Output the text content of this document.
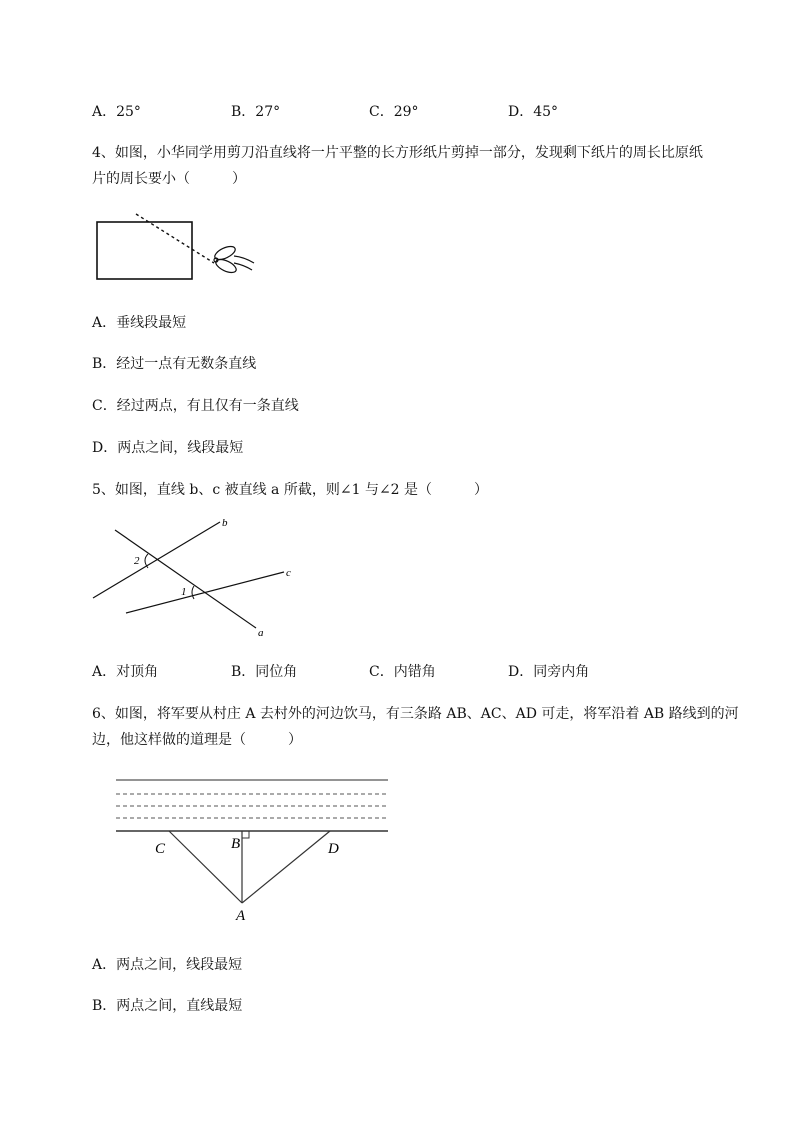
A．25°	B．27°	C．29°	D．45°
4、如图，小华同学用剪刀沿直线将一片平整的长方形纸片剪掉一部分，发现剩下纸片的周长比原纸
片的周长要小（　　　）
A．垂线段最短
B．经过一点有无数条直线
C．经过两点，有且仅有一条直线
D．两点之间，线段最短
5、如图，直线 b、c 被直线 a 所截，则∠1 与∠2 是（　　　）
b
c
a
2
1
A．对顶角	B．同位角	C．内错角	D．同旁内角
6、如图，将军要从村庄 A 去村外的河边饮马，有三条路 AB、AC、AD 可走，将军沿着 AB 路线到的河
边，他这样做的道理是（　　　）
C	B	D
A
A．两点之间，线段最短
B．两点之间，直线最短
